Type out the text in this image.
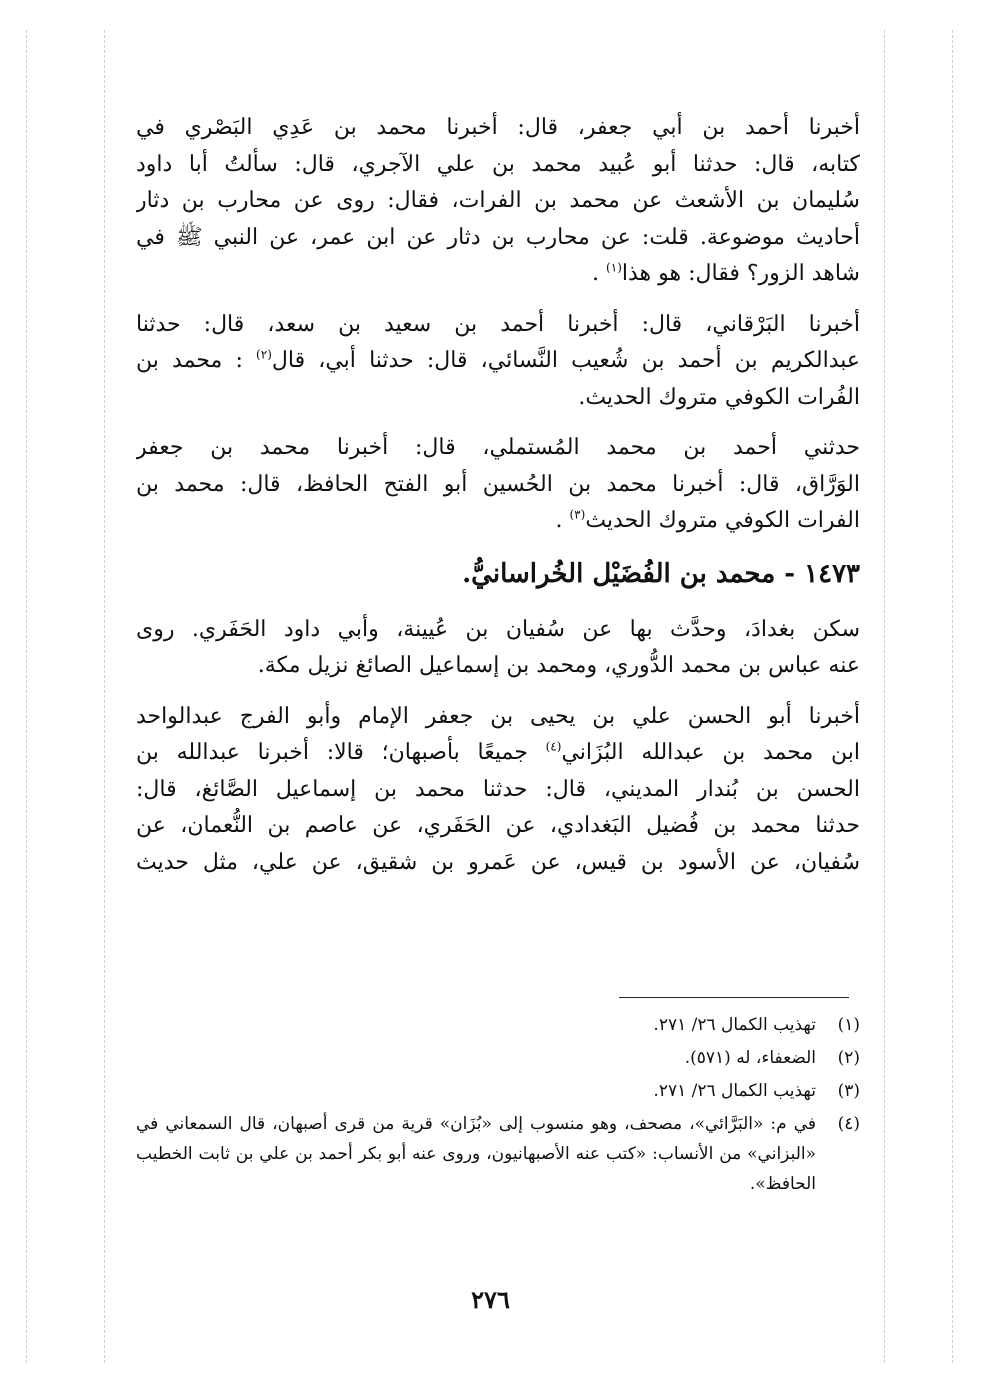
أخبرنا أحمد بن أبي جعفر، قال: أخبرنا محمد بن عَدِي البَصْري في
كتابه، قال: حدثنا أبو عُبيد محمد بن علي الآجري، قال: سألتُ أبا داود
سُليمان بن الأشعث عن محمد بن الفرات، فقال: روى عن محارب بن دثار
أحاديث موضوعة. قلت: عن محارب بن دثار عن ابن عمر، عن النبي ﷺ في
شاهد الزور؟ فقال: هو هذا$^{(١)}$ .
أخبرنا البَرْقاني، قال: أخبرنا أحمد بن سعيد بن سعد، قال: حدثنا
عبدالكريم بن أحمد بن شُعيب النَّسائي، قال: حدثنا أبي، قال$^{(٢)}$ : محمد بن
الفُرات الكوفي متروك الحديث.
حدثني أحمد بن محمد المُستملي، قال: أخبرنا محمد بن جعفر
الوَرَّاق، قال: أخبرنا محمد بن الحُسين أبو الفتح الحافظ، قال: محمد بن
الفرات الكوفي متروك الحديث$^{(٣)}$ .
١٤٧٣ - محمد بن الفُضَيْل الخُراسانيُّ.
سكن بغدادَ، وحدَّث بها عن سُفيان بن عُيينة، وأبي داود الحَفَري. روى
عنه عباس بن محمد الدُّوري، ومحمد بن إسماعيل الصائغ نزيل مكة.
أخبرنا أبو الحسن علي بن يحيى بن جعفر الإمام وأبو الفرج عبدالواحد
ابن محمد بن عبدالله البُزَاني$^{(٤)}$ جميعًا بأصبهان؛ قالا: أخبرنا عبدالله بن
الحسن بن بُندار المديني، قال: حدثنا محمد بن إسماعيل الصَّائغ، قال:
حدثنا محمد بن فُضيل البَغدادي، عن الحَفَري، عن عاصم بن النُّعمان، عن
سُفيان، عن الأسود بن قيس، عن عَمرو بن شقيق، عن علي، مثل حديث
(١)
تهذيب الكمال ٢٦/ ٢٧١.
(٢)
الضعفاء، له (٥٧١).
(٣)
تهذيب الكمال ٢٦/ ٢٧١.
(٤)
في م: «البَرَّائي»، مصحف، وهو منسوب إلى «بُزَان» قرية من قرى أصبهان، قال السمعاني في «البزاني» من الأنساب: «كتب عنه الأصبهانيون، وروى عنه أبو بكر أحمد بن علي بن ثابت الخطيب الحافظ».
٢٧٦
